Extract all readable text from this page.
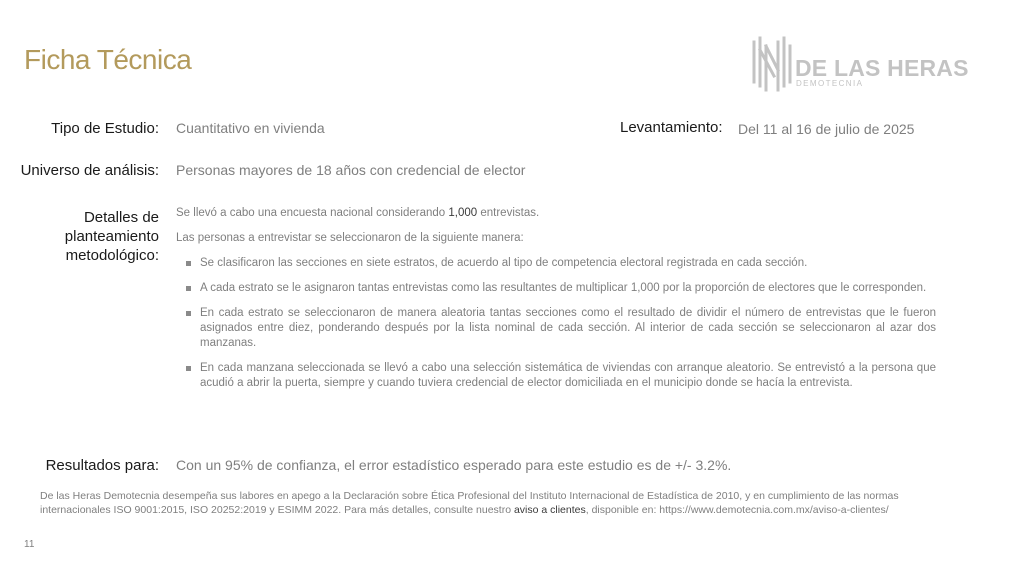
Ficha Técnica	DE LAS HERAS
DEMOTECNIA
Tipo de Estudio: Cuantitativo en vivienda	Levantamiento: Del 11 al 16 de julio de 2025
Universo de análisis: Personas mayores de 18 años con credencial de elector
Detalles de
planteamiento
metodológico:

Se llevó a cabo una encuesta nacional considerando 1,000 entrevistas.

Las personas a entrevistar se seleccionaron de la siguiente manera:

Se clasificaron las secciones en siete estratos, de acuerdo al tipo de competencia electoral registrada en cada sección.
A cada estrato se le asignaron tantas entrevistas como las resultantes de multiplicar 1,000 por la proporción de electores que le corresponden.
En cada estrato se seleccionaron de manera aleatoria tantas secciones como el resultado de dividir el número de entrevistas que le fueron asignados entre diez, ponderando después por la lista nominal de cada sección. Al interior de cada sección se seleccionaron al azar dos manzanas.
En cada manzana seleccionada se llevó a cabo una selección sistemática de viviendas con arranque aleatorio. Se entrevistó a la persona que acudió a abrir la puerta, siempre y cuando tuviera credencial de elector domiciliada en el municipio donde se hacía la entrevista.
Resultados para: Con un 95% de confianza, el error estadístico esperado para este estudio es de +/- 3.2%.
De las Heras Demotecnia desempeña sus labores en apego a la Declaración sobre Ética Profesional del Instituto Internacional de Estadística de 2010, y en cumplimiento de las normas internacionales ISO 9001:2015, ISO 20252:2019 y ESIMM 2022. Para más detalles, consulte nuestro aviso a clientes, disponible en: https://www.demotecnia.com.mx/aviso-a-clientes/
11
